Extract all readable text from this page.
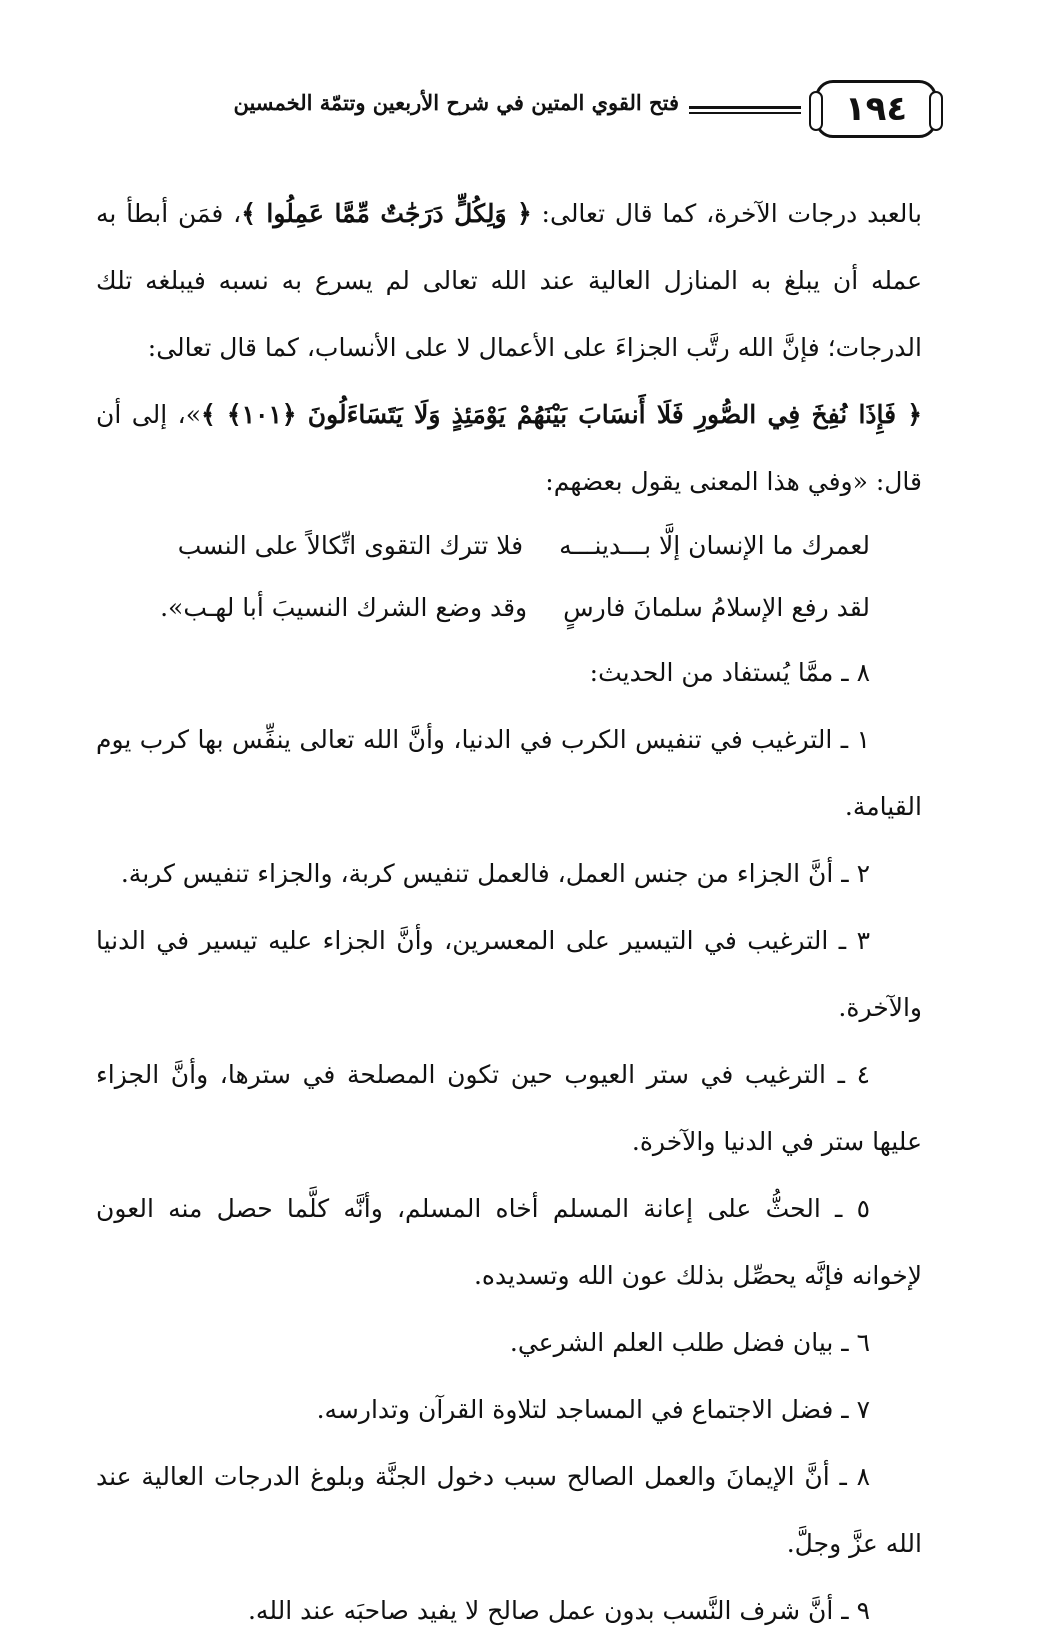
١٩٤
فتح القوي المتين في شرح الأربعين وتتمّة الخمسين

بالعبد درجات الآخرة، كما قال تعالى: ﴿ وَلِكُلٍّ دَرَجَٰتٌ مِّمَّا عَمِلُوا ﴾، فمَن أبطأ به عمله أن يبلغ به المنازل العالية عند الله تعالى لم يسرع به نسبه فيبلغه تلك الدرجات؛ فإنَّ الله رتَّب الجزاءَ على الأعمال لا على الأنساب، كما قال تعالى:
﴿ فَإِذَا نُفِخَ فِي الصُّورِ فَلَا أَنسَابَ بَيْنَهُمْ يَوْمَئِذٍ وَلَا يَتَسَاءَلُونَ ﴿١٠١﴾ ﴾»، إلى أن قال: «وفي هذا المعنى يقول بعضهم:

لعمرك ما الإنسان إلَّا بـــدينـــه
فلا تترك التقوى اتِّكالاً على النسب
لقد رفع الإسلامُ سلمانَ فارسٍ
وقد وضع الشرك النسيبَ أبا لهـب».

٨ ـ ممَّا يُستفاد من الحديث:

١ ـ الترغيب في تنفيس الكرب في الدنيا، وأنَّ الله تعالى ينفِّس بها كرب يوم القيامة.

٢ ـ أنَّ الجزاء من جنس العمل، فالعمل تنفيس كربة، والجزاء تنفيس كربة.

٣ ـ الترغيب في التيسير على المعسرين، وأنَّ الجزاء عليه تيسير في الدنيا والآخرة.

٤ ـ الترغيب في ستر العيوب حين تكون المصلحة في سترها، وأنَّ الجزاء عليها ستر في الدنيا والآخرة.

٥ ـ الحثُّ على إعانة المسلم أخاه المسلم، وأنَّه كلَّما حصل منه العون لإخوانه فإنَّه يحصِّل بذلك عون الله وتسديده.

٦ ـ بيان فضل طلب العلم الشرعي.

٧ ـ فضل الاجتماع في المساجد لتلاوة القرآن وتدارسه.

٨ ـ أنَّ الإيمانَ والعمل الصالح سبب دخول الجنَّة وبلوغ الدرجات العالية عند الله عزَّ وجلَّ.

٩ ـ أنَّ شرف النَّسب بدون عمل صالح لا يفيد صاحبَه عند الله.
